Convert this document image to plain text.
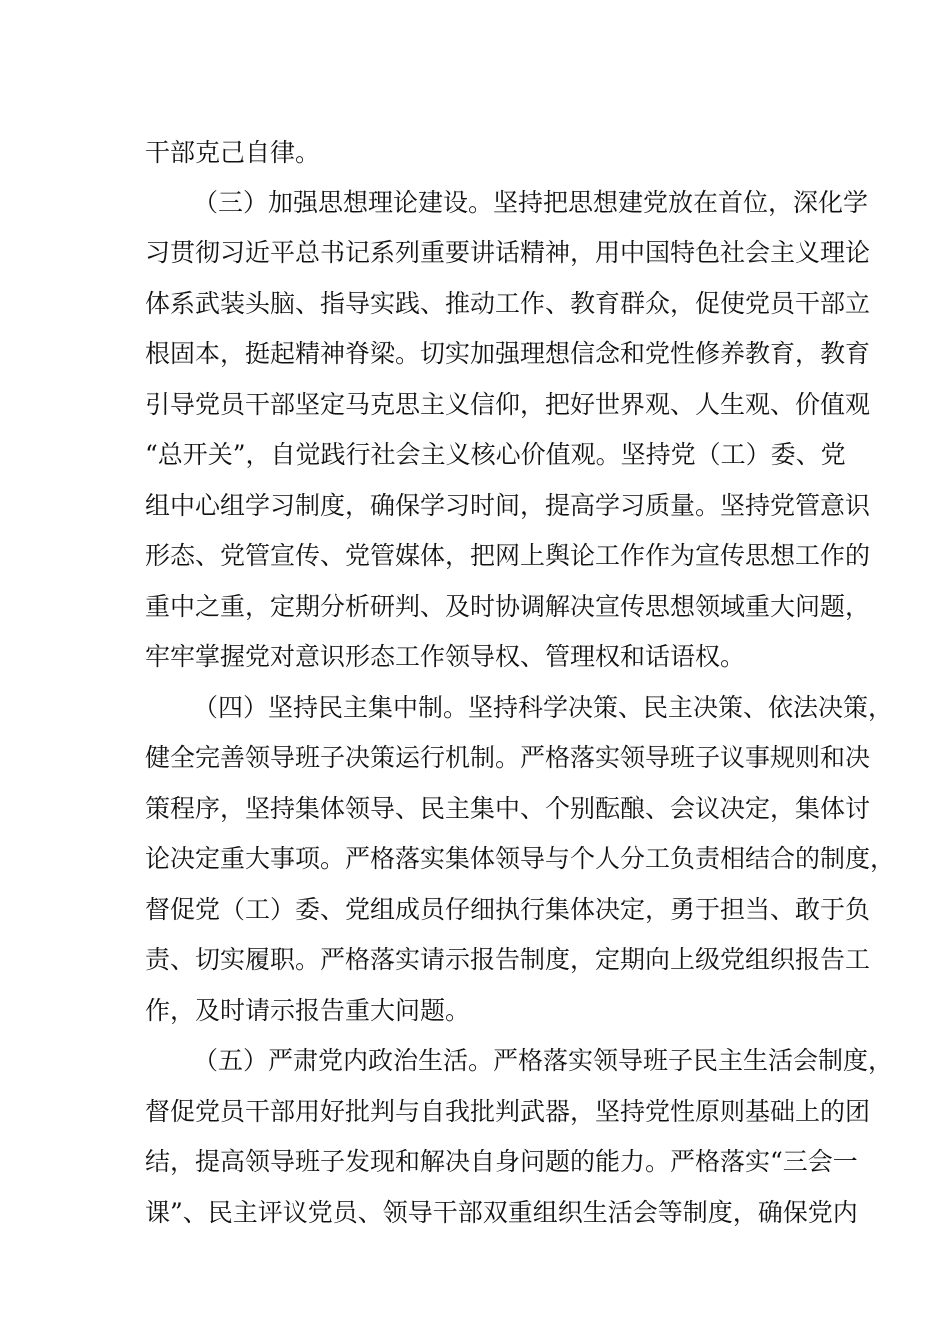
干部克己自律。
（三）加强思想理论建设。坚持把思想建党放在首位，深化学
习贯彻习近平总书记系列重要讲话精神，用中国特色社会主义理论
体系武装头脑、指导实践、推动工作、教育群众，促使党员干部立
根固本，挺起精神脊梁。切实加强理想信念和党性修养教育，教育
引导党员干部坚定马克思主义信仰，把好世界观、人生观、价值观
“总开关”，自觉践行社会主义核心价值观。坚持党（工）委、党
组中心组学习制度，确保学习时间，提高学习质量。坚持党管意识
形态、党管宣传、党管媒体，把网上舆论工作作为宣传思想工作的
重中之重，定期分析研判、及时协调解决宣传思想领域重大问题，
牢牢掌握党对意识形态工作领导权、管理权和话语权。
（四）坚持民主集中制。坚持科学决策、民主决策、依法决策，
健全完善领导班子决策运行机制。严格落实领导班子议事规则和决
策程序，坚持集体领导、民主集中、个别酝酿、会议决定，集体讨
论决定重大事项。严格落实集体领导与个人分工负责相结合的制度，
督促党（工）委、党组成员仔细执行集体决定，勇于担当、敢于负
责、切实履职。严格落实请示报告制度，定期向上级党组织报告工
作，及时请示报告重大问题。
（五）严肃党内政治生活。严格落实领导班子民主生活会制度，
督促党员干部用好批判与自我批判武器，坚持党性原则基础上的团
结，提高领导班子发现和解决自身问题的能力。严格落实“三会一
课”、民主评议党员、领导干部双重组织生活会等制度，确保党内
